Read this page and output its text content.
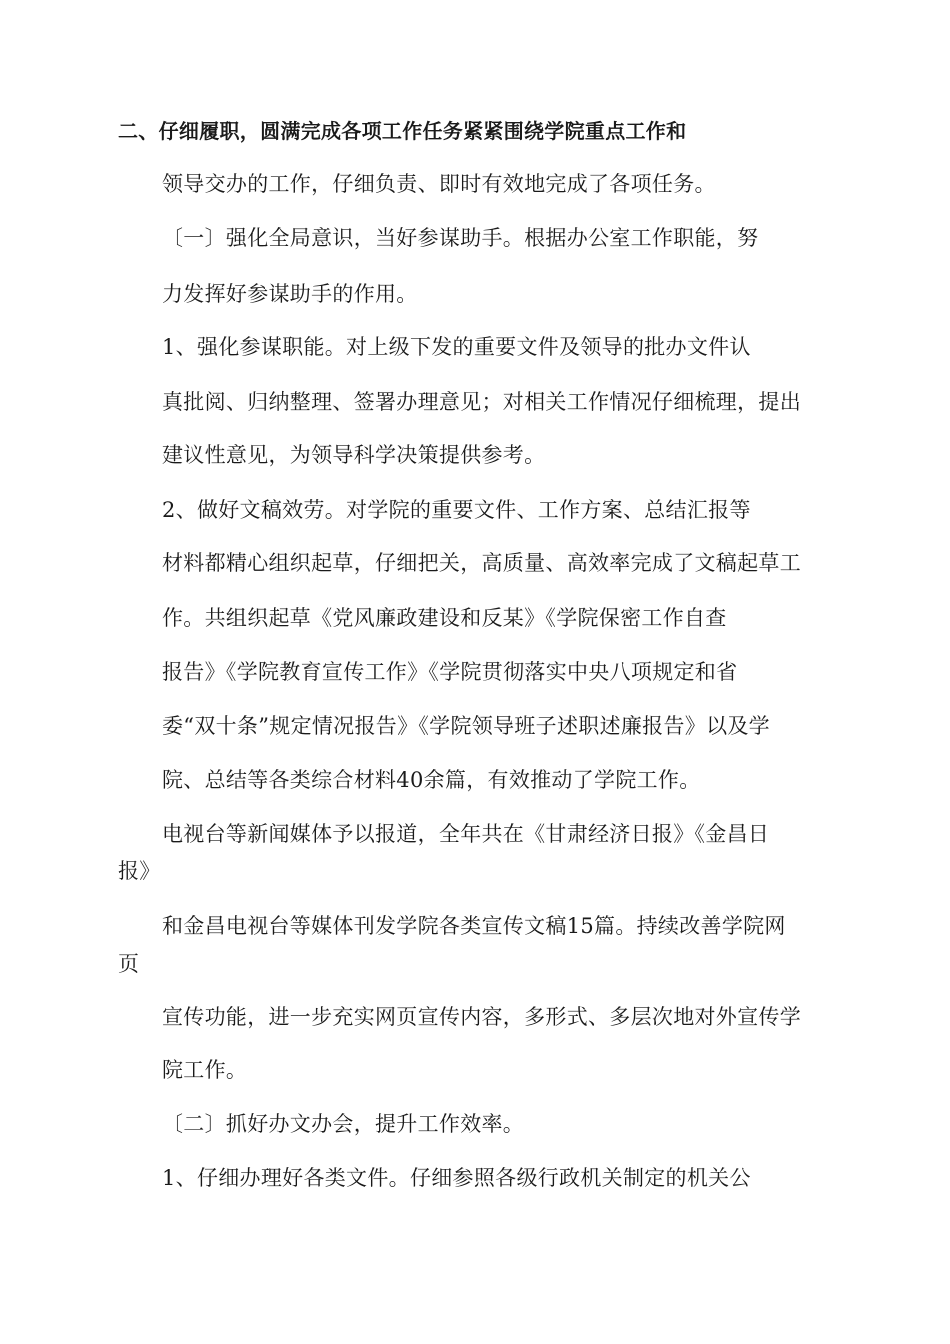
二、仔细履职，圆满完成各项工作任务紧紧围绕学院重点工作和
领导交办的工作，仔细负责、即时有效地完成了各项任务。
〔一〕强化全局意识，当好参谋助手。根据办公室工作职能，努
力发挥好参谋助手的作用。
1、强化参谋职能。对上级下发的重要文件及领导的批办文件认
真批阅、归纳整理、签署办理意见；对相关工作情况仔细梳理，提出
建议性意见，为领导科学决策提供参考。
2、做好文稿效劳。对学院的重要文件、工作方案、总结汇报等
材料都精心组织起草，仔细把关，高质量、高效率完成了文稿起草工
作。共组织起草《党风廉政建设和反某》《学院保密工作自查
报告》《学院教育宣传工作》《学院贯彻落实中央八项规定和省
委“双十条”规定情况报告》《学院领导班子述职述廉报告》以及学
院、总结等各类综合材料40余篇，有效推动了学院工作。
电视台等新闻媒体予以报道，全年共在《甘肃经济日报》《金昌日
报》
和金昌电视台等媒体刊发学院各类宣传文稿15篇。持续改善学院网
页
宣传功能，进一步充实网页宣传内容，多形式、多层次地对外宣传学
院工作。
〔二〕抓好办文办会，提升工作效率。
1、仔细办理好各类文件。仔细参照各级行政机关制定的机关公
